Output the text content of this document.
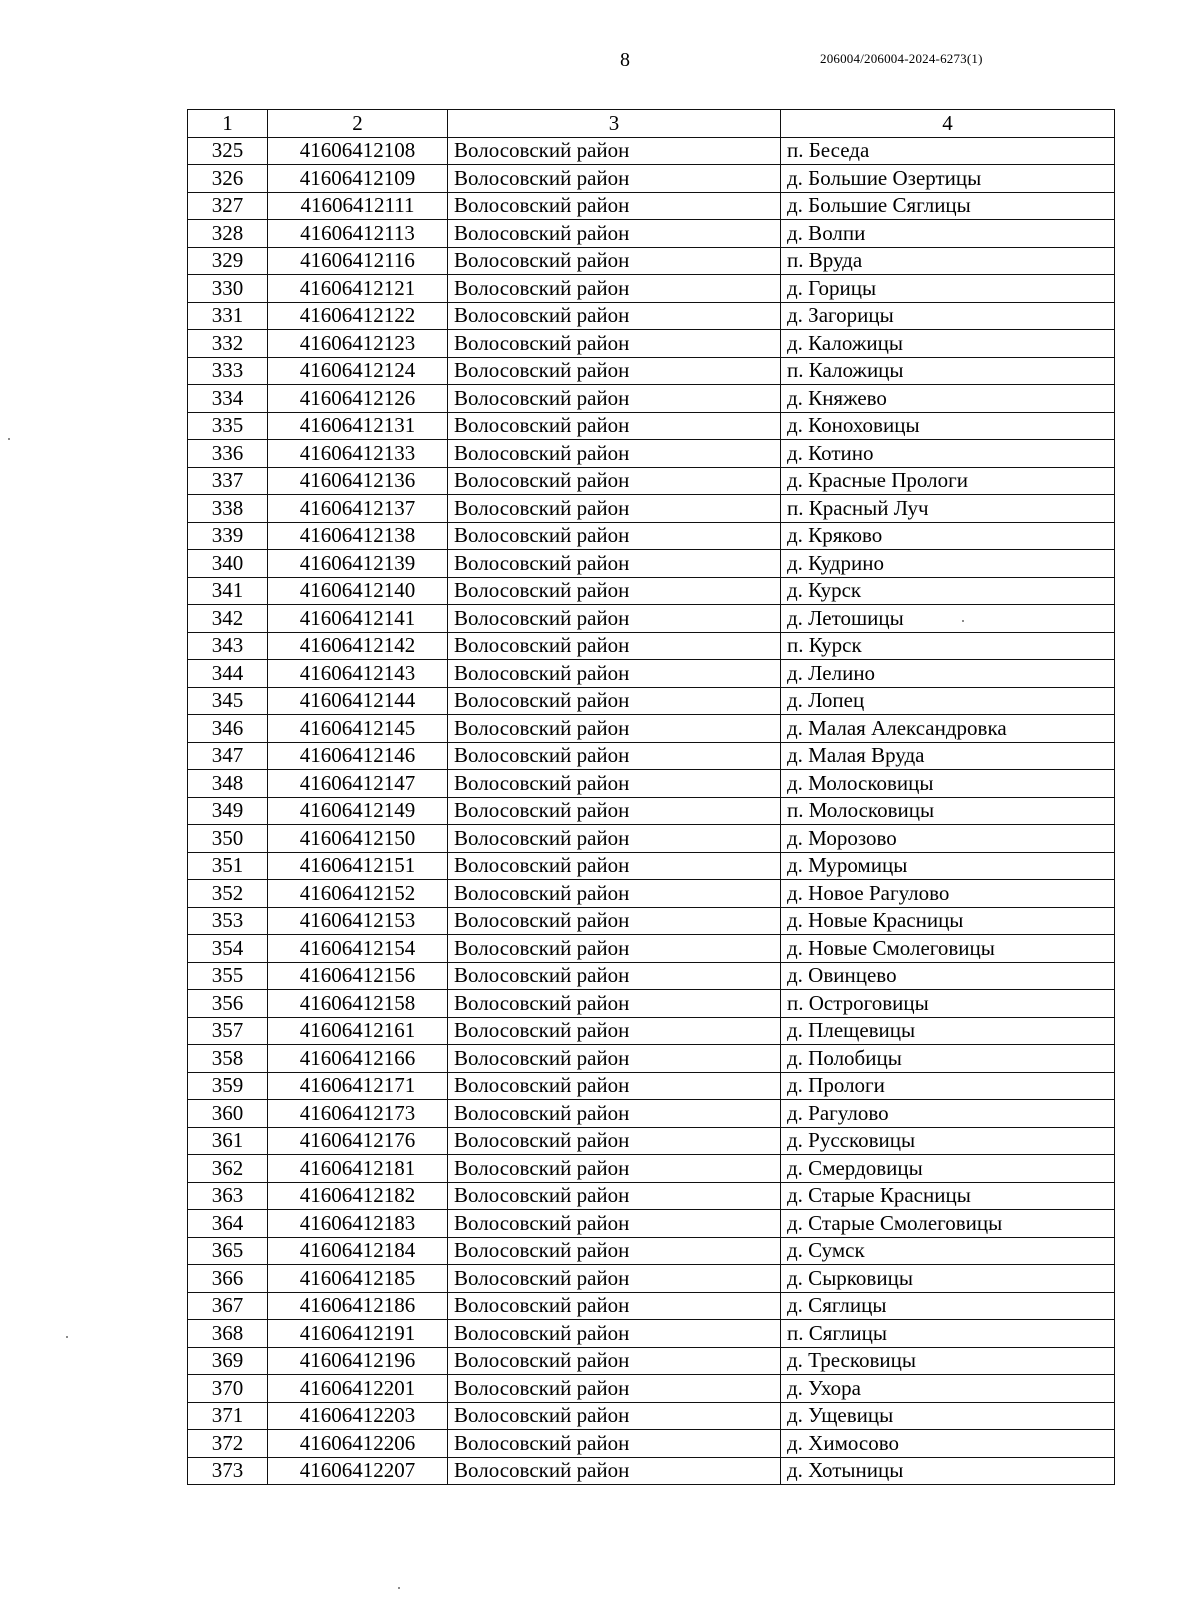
8	206004/206004-2024-6273(1)
1	2	3	4
325	41606412108	Волосовский район	п. Беседа
326	41606412109	Волосовский район	д. Большие Озертицы
327	41606412111	Волосовский район	д. Большие Сяглицы
328	41606412113	Волосовский район	д. Волпи
329	41606412116	Волосовский район	п. Вруда
330	41606412121	Волосовский район	д. Горицы
331	41606412122	Волосовский район	д. Загорицы
332	41606412123	Волосовский район	д. Каложицы
333	41606412124	Волосовский район	п. Каложицы
334	41606412126	Волосовский район	д. Княжево
335	41606412131	Волосовский район	д. Коноховицы
336	41606412133	Волосовский район	д. Котино
337	41606412136	Волосовский район	д. Красные Прологи
338	41606412137	Волосовский район	п. Красный Луч
339	41606412138	Волосовский район	д. Кряково
340	41606412139	Волосовский район	д. Кудрино
341	41606412140	Волосовский район	д. Курск
342	41606412141	Волосовский район	д. Летошицы
343	41606412142	Волосовский район	п. Курск
344	41606412143	Волосовский район	д. Лелино
345	41606412144	Волосовский район	д. Лопец
346	41606412145	Волосовский район	д. Малая Александровка
347	41606412146	Волосовский район	д. Малая Вруда
348	41606412147	Волосовский район	д. Молосковицы
349	41606412149	Волосовский район	п. Молосковицы
350	41606412150	Волосовский район	д. Морозово
351	41606412151	Волосовский район	д. Муромицы
352	41606412152	Волосовский район	д. Новое Рагулово
353	41606412153	Волосовский район	д. Новые Красницы
354	41606412154	Волосовский район	д. Новые Смолеговицы
355	41606412156	Волосовский район	д. Овинцево
356	41606412158	Волосовский район	п. Остроговицы
357	41606412161	Волосовский район	д. Плещевицы
358	41606412166	Волосовский район	д. Полобицы
359	41606412171	Волосовский район	д. Прологи
360	41606412173	Волосовский район	д. Рагулово
361	41606412176	Волосовский район	д. Руссковицы
362	41606412181	Волосовский район	д. Смердовицы
363	41606412182	Волосовский район	д. Старые Красницы
364	41606412183	Волосовский район	д. Старые Смолеговицы
365	41606412184	Волосовский район	д. Сумск
366	41606412185	Волосовский район	д. Сырковицы
367	41606412186	Волосовский район	д. Сяглицы
368	41606412191	Волосовский район	п. Сяглицы
369	41606412196	Волосовский район	д. Тресковицы
370	41606412201	Волосовский район	д. Ухора
371	41606412203	Волосовский район	д. Ущевицы
372	41606412206	Волосовский район	д. Химосово
373	41606412207	Волосовский район	д. Хотыницы
